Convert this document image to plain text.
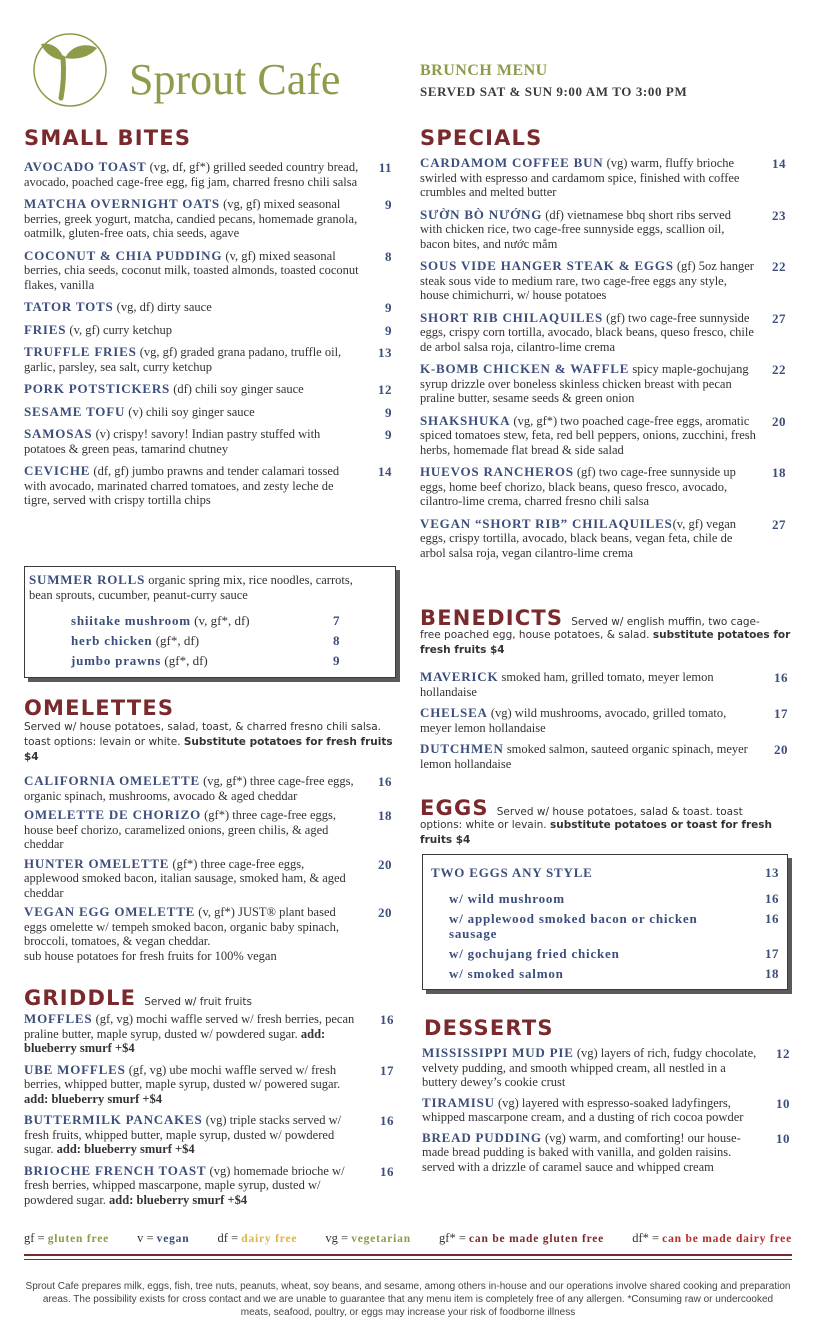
Sprout Cafe	BRUNCH MENU
SERVED SAT & SUN 9:00 AM TO 3:00 PM
SMALL BITES
AVOCADO TOAST (vg, df, gf*) grilled seeded country bread, avocado, poached cage-free egg, fig jam, charred fresno chili salsa
11
MATCHA OVERNIGHT OATS (vg, gf) mixed seasonal berries, greek yogurt, matcha, candied pecans, homemade granola, oatmilk, gluten-free oats, chia seeds, agave
9
COCONUT & CHIA PUDDING (v, gf) mixed seasonal berries, chia seeds, coconut milk, toasted almonds, toasted coconut flakes, vanilla
8
TATOR TOTS (vg, df) dirty sauce	9
FRIES (v, gf) curry ketchup	9
TRUFFLE FRIES (vg, gf) graded grana padano, truffle oil, garlic, parsley, sea salt, curry ketchup
13
PORK POTSTICKERS (df) chili soy ginger sauce	12
SESAME TOFU (v) chili soy ginger sauce	9
SAMOSAS (v) crispy! savory! Indian pastry stuffed with potatoes & green peas, tamarind chutney
9
CEVICHE (df, gf) jumbo prawns and tender calamari tossed with avocado, marinated charred tomatoes, and zesty leche de tigre, served with crispy tortilla chips
14
SUMMER ROLLS organic spring mix, rice noodles, carrots, bean sprouts, cucumber, peanut-curry sauce
shiitake mushroom (v, gf*, df)	7
herb chicken (gf*, df)	8
jumbo prawns (gf*, df)	9
OMELETTES
Served w/ house potatoes, salad, toast, & charred fresno chili salsa. toast options: levain or white. Substitute potatoes for fresh fruits $4
CALIFORNIA OMELETTE (vg, gf*) three cage-free eggs, organic spinach, mushrooms, avocado & aged cheddar
16
OMELETTE DE CHORIZO (gf*) three cage-free eggs, house beef chorizo, caramelized onions, green chilis, & aged cheddar
18
HUNTER OMELETTE (gf*) three cage-free eggs, applewood smoked bacon, italian sausage, smoked ham, & aged cheddar
20
VEGAN EGG OMELETTE (v, gf*) JUST® plant based eggs omelette w/ tempeh smoked bacon, organic baby spinach, broccoli, tomatoes, & vegan cheddar.
sub house potatoes for fresh fruits for 100% vegan
20
GRIDDLE Served w/ fruit fruits
MOFFLES (gf, vg) mochi waffle served w/ fresh berries, pecan praline butter, maple syrup, dusted w/ powdered sugar. add: blueberry smurf +$4
16
UBE MOFFLES (gf, vg) ube mochi waffle served w/ fresh berries, whipped butter, maple syrup, dusted w/ powered sugar. add: blueberry smurf +$4
17
BUTTERMILK PANCAKES (vg) triple stacks served w/ fresh fruits, whipped butter, maple syrup, dusted w/ powdered sugar. add: blueberry smurf +$4
16
BRIOCHE FRENCH TOAST (vg) homemade brioche w/ fresh berries, whipped mascarpone, maple syrup, dusted w/ powdered sugar. add: blueberry smurf +$4
16
SPECIALS
CARDAMOM COFFEE BUN (vg) warm, fluffy brioche swirled with espresso and cardamom spice, finished with coffee crumbles and melted butter
14
SƯỜN BÒ NƯỚNG (df) vietnamese bbq short ribs served with chicken rice, two cage-free sunnyside eggs, scallion oil, bacon bites, and nước mắm
23
SOUS VIDE HANGER STEAK & EGGS (gf) 5oz hanger steak sous vide to medium rare, two cage-free eggs any style, house chimichurri, w/ house potatoes
22
SHORT RIB CHILAQUILES (gf) two cage-free sunnyside eggs, crispy corn tortilla, avocado, black beans, queso fresco, chile de arbol salsa roja, cilantro-lime crema
27
K-BOMB CHICKEN & WAFFLE spicy maple-gochujang syrup drizzle over boneless skinless chicken breast with pecan praline butter, sesame seeds & green onion
22
SHAKSHUKA (vg, gf*) two poached cage-free eggs, aromatic spiced tomatoes stew, feta, red bell peppers, onions, zucchini, fresh herbs, homemade flat bread & side salad
20
HUEVOS RANCHEROS (gf) two cage-free sunnyside up eggs, home beef chorizo, black beans, queso fresco, avocado, cilantro-lime crema, charred fresno chili salsa
18
VEGAN “SHORT RIB” CHILAQUILES(v, gf) vegan eggs, crispy tortilla, avocado, black beans, vegan feta, chile de arbol salsa roja, vegan cilantro-lime crema
27
BENEDICTS Served w/ english muffin, two cage-
free poached egg, house potatoes, & salad. substitute potatoes for fresh fruits $4
MAVERICK smoked ham, grilled tomato, meyer lemon hollandaise
16
CHELSEA (vg) wild mushrooms, avocado, grilled tomato, meyer lemon hollandaise
17
DUTCHMEN smoked salmon, sauteed organic spinach, meyer lemon hollandaise
20
EGGS Served w/ house potatoes, salad & toast. toast
options: white or levain. substitute potatoes or toast for fresh fruits $4
TWO EGGS ANY STYLE	13
w/ wild mushroom	16
w/ applewood smoked bacon or chicken sausage
16
w/ gochujang fried chicken	17
w/ smoked salmon	18
DESSERTS
MISSISSIPPI MUD PIE (vg) layers of rich, fudgy chocolate, velvety pudding, and smooth whipped cream, all nestled in a buttery dewey’s cookie crust
12
TIRAMISU (vg) layered with espresso-soaked ladyfingers, whipped mascarpone cream, and a dusting of rich cocoa powder
10
BREAD PUDDING (vg) warm, and comforting! our house-made bread pudding is baked with vanilla, and golden raisins. served with a drizzle of caramel sauce and whipped cream
10
gf = gluten free v = vegan df = dairy free vg = vegetarian gf* = can be made gluten free df* = can be made dairy free
Sprout Cafe prepares milk, eggs, fish, tree nuts, peanuts, wheat, soy beans, and sesame, among others in-house and our operations involve shared cooking and preparation
areas. The possibility exists for cross contact and we are unable to guarantee that any menu item is completely free of any allergen. *Consuming raw or undercooked
meats, seafood, poultry, or eggs may increase your risk of foodborne illness
